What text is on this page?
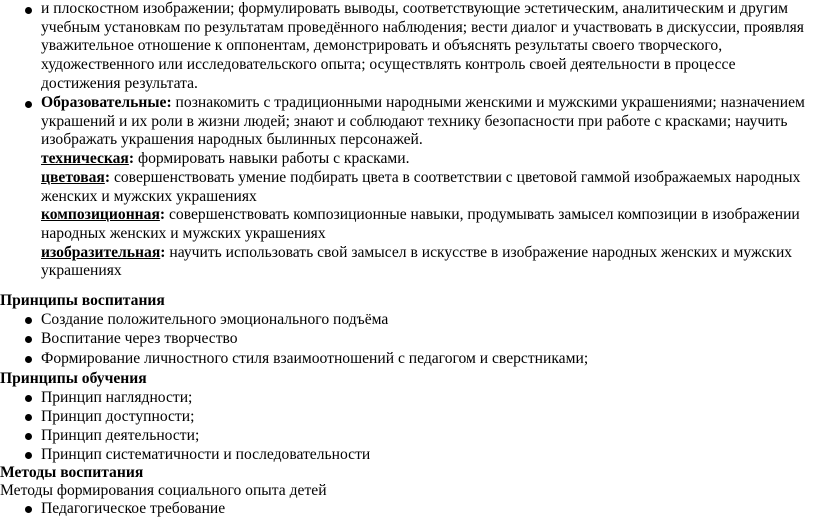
и плоскостном изображении; формулировать выводы, соответствующие эстетическим, аналитическим и другим
учебным установкам по результатам проведённого наблюдения; вести диалог и участвовать в дискуссии, проявляя
уважительное отношение к оппонентам, демонстрировать и объяснять результаты своего творческого,
художественного или исследовательского опыта; осуществлять контроль своей деятельности в процессе
достижения результата.
Образовательные: познакомить с традиционными народными женскими и мужскими украшениями; назначением
украшений и их роли в жизни людей; знают и соблюдают технику безопасности при работе с красками; научить
изображать украшения народных былинных персонажей.
техническая: формировать навыки работы с красками.
цветовая: совершенствовать умение подбирать цвета в соответствии с цветовой гаммой изображаемых народных
женских и мужских украшениях
композиционная: совершенствовать композиционные навыки, продумывать замысел композиции в изображении
народных женских и мужских украшениях
изобразительная: научить использовать свой замысел в искусстве в изображение народных женских и мужских
украшениях
Принципы воспитания
Создание положительного эмоционального подъёма
Воспитание через творчество
Формирование личностного стиля взаимоотношений с педагогом и сверстниками;
Принципы обучения
Принцип наглядности;
Принцип доступности;
Принцип деятельности;
Принцип систематичности и последовательности
Методы воспитания
Методы формирования социального опыта детей
Педагогическое требование
